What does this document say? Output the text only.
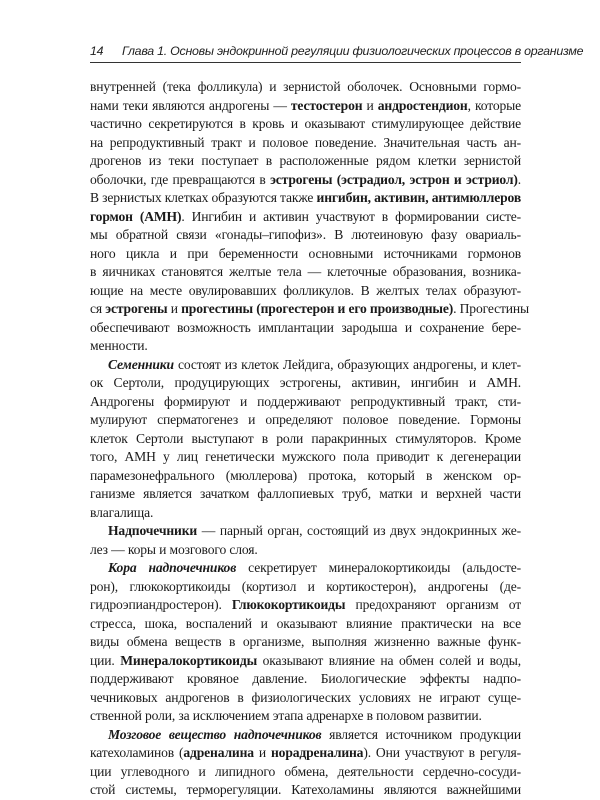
14 Глава 1. Основы эндокринной регуляции физиологических процессов в организме
внутренней (тека фолликула) и зернистой оболочек. Основными гормо-
нами теки являются андрогены — тестостерон и андростендион, которые
частично секретируются в кровь и оказывают стимулирующее действие
на репродуктивный тракт и половое поведение. Значительная часть ан-
дрогенов из теки поступает в расположенные рядом клетки зернистой
оболочки, где превращаются в эстрогены (эстрадиол, эстрон и эстриол).
В зернистых клетках образуются также ингибин, активин, антимюллеров
гормон (АМН). Ингибин и активин участвуют в формировании систе-
мы обратной связи «гонады–гипофиз». В лютеиновую фазу овариаль-
ного цикла и при беременности основными источниками гормонов
в яичниках становятся желтые тела — клеточные образования, возника-
ющие на месте овулировавших фолликулов. В желтых телах образуют-
ся эстрогены и прогестины (прогестерон и его производные). Прогестины
обеспечивают возможность имплантации зародыша и сохранение бере-
менности.
Семенники состоят из клеток Лейдига, образующих андрогены, и клет-
ок Сертоли, продуцирующих эстрогены, активин, ингибин и АМН.
Андрогены формируют и поддерживают репродуктивный тракт, сти-
мулируют сперматогенез и определяют половое поведение. Гормоны
клеток Сертоли выступают в роли паракринных стимуляторов. Кроме
того, АМН у лиц генетически мужского пола приводит к дегенерации
парамезонефрального (мюллерова) протока, который в женском ор-
ганизме является зачатком фаллопиевых труб, матки и верхней части
влагалища.
Надпочечники — парный орган, состоящий из двух эндокринных же-
лез — коры и мозгового слоя.
Кора надпочечников секретирует минералокортикоиды (альдосте-
рон), глюкокортикоиды (кортизол и кортикостерон), андрогены (де-
гидроэпиандростерон). Глюкокортикоиды предохраняют организм от
стресса, шока, воспалений и оказывают влияние практически на все
виды обмена веществ в организме, выполняя жизненно важные функ-
ции. Минералокортикоиды оказывают влияние на обмен солей и воды,
поддерживают кровяное давление. Биологические эффекты надпо-
чечниковых андрогенов в физиологических условиях не играют суще-
ственной роли, за исключением этапа адренархе в половом развитии.
Мозговое вещество надпочечников является источником продукции
катехоламинов (адреналина и норадреналина). Они участвуют в регуля-
ции углеводного и липидного обмена, деятельности сердечно-сосуди-
стой системы, терморегуляции. Катехоламины являются важнейшими
